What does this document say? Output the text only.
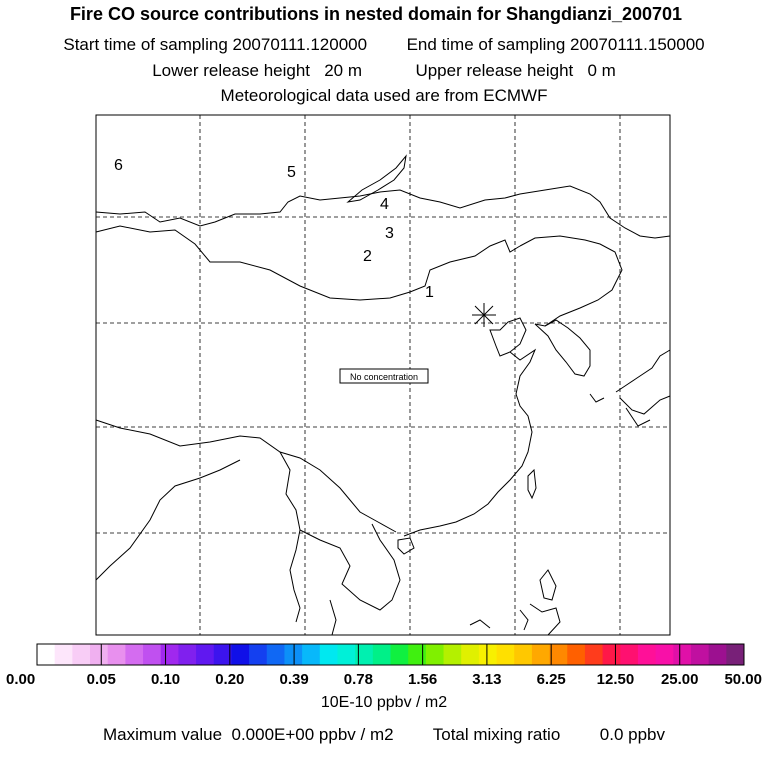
Fire CO source contributions in nested domain for Shangdianzi_200701
Start time of sampling 20070111.120000 End time of sampling 20070111.150000
Lower release height 20 m	Upper release height 0 m
Meteorological data used are from ECMWF
1
2
3
4
5
6
No concentration
0.00	0.05 0.10 0.20 0.39 0.78 1.56 3.13 6.25 12.50 25.00 50.00
10E-10 ppbv / m2
Maximum value 0.000E+00 ppbv / m2 Total mixing ratio 0.0 ppbv
